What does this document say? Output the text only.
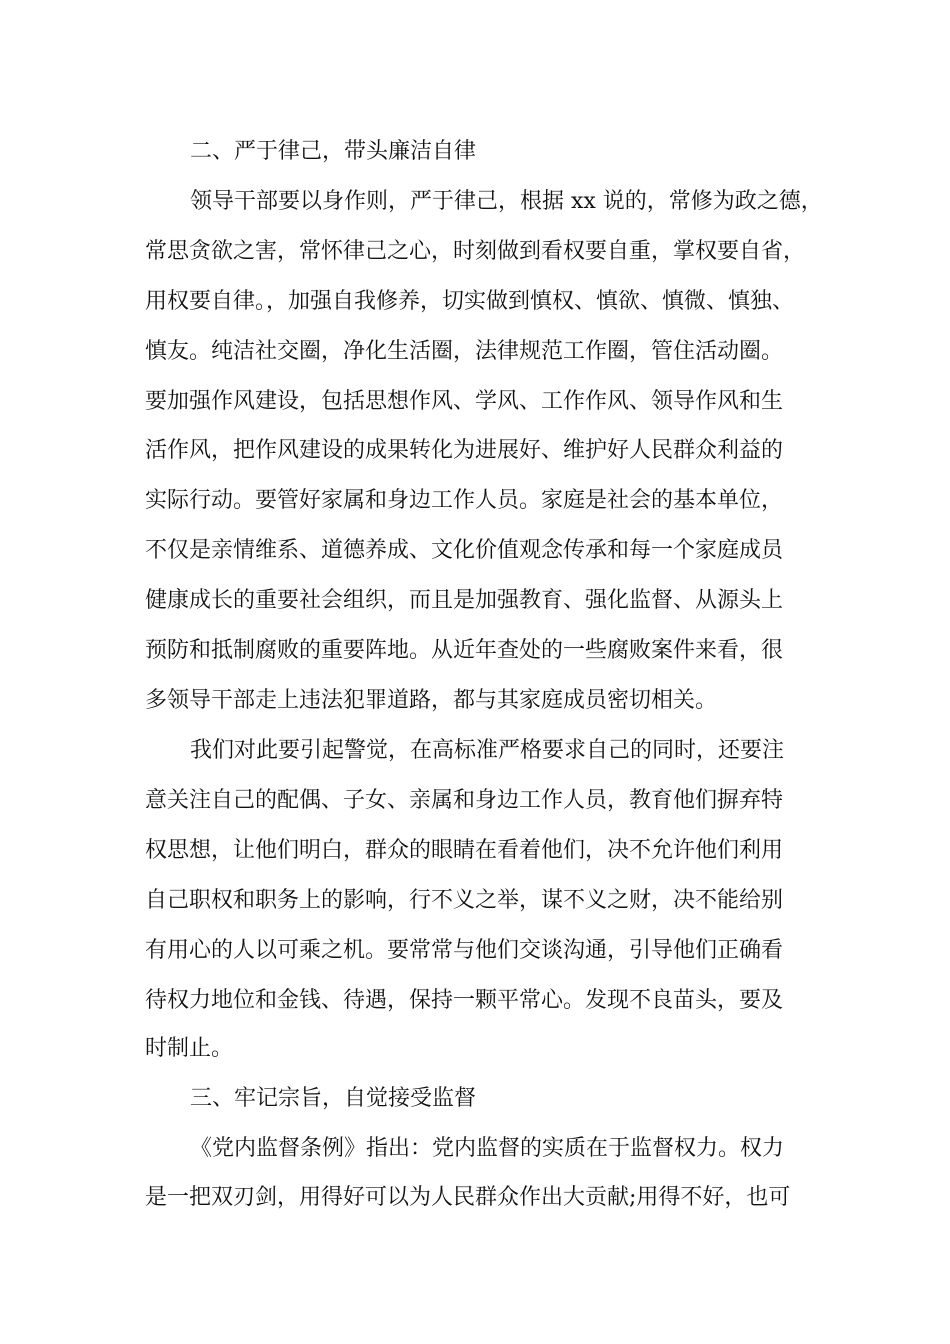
二、严于律己，带头廉洁自律
领导干部要以身作则，严于律己，根据 xx 说的，常修为政之德，
常思贪欲之害，常怀律己之心，时刻做到看权要自重，掌权要自省，
用权要自律。，加强自我修养，切实做到慎权、慎欲、慎微、慎独、
慎友。纯洁社交圈，净化生活圈，法律规范工作圈，管住活动圈。
要加强作风建设，包括思想作风、学风、工作作风、领导作风和生
活作风，把作风建设的成果转化为进展好、维护好人民群众利益的
实际行动。要管好家属和身边工作人员。家庭是社会的基本单位，
不仅是亲情维系、道德养成、文化价值观念传承和每一个家庭成员
健康成长的重要社会组织，而且是加强教育、强化监督、从源头上
预防和抵制腐败的重要阵地。从近年查处的一些腐败案件来看，很
多领导干部走上违法犯罪道路，都与其家庭成员密切相关。
我们对此要引起警觉，在高标准严格要求自己的同时，还要注
意关注自己的配偶、子女、亲属和身边工作人员，教育他们摒弃特
权思想，让他们明白，群众的眼睛在看着他们，决不允许他们利用
自己职权和职务上的影响，行不义之举，谋不义之财，决不能给别
有用心的人以可乘之机。要常常与他们交谈沟通，引导他们正确看
待权力地位和金钱、待遇，保持一颗平常心。发现不良苗头，要及
时制止。
三、牢记宗旨，自觉接受监督
《党内监督条例》指出：党内监督的实质在于监督权力。权力
是一把双刃剑，用得好可以为人民群众作出大贡献;用得不好，也可
